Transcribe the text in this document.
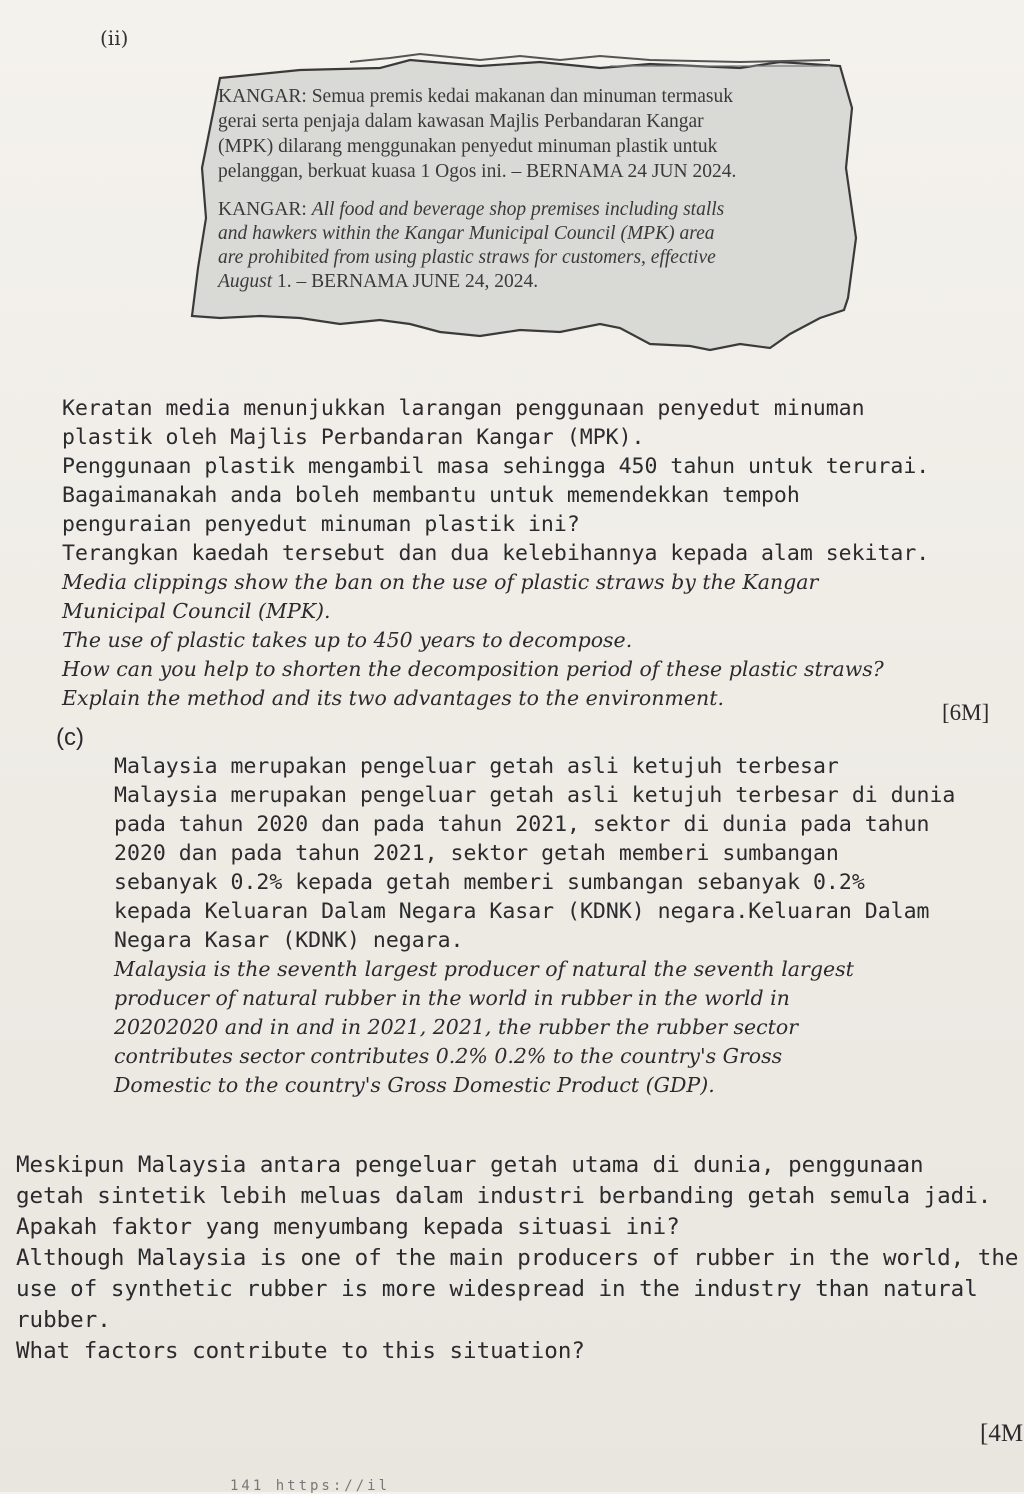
(ii)
KANGAR: Semua premis kedai makanan dan minuman termasuk
gerai serta penjaja dalam kawasan Majlis Perbandaran Kangar
(MPK) dilarang menggunakan penyedut minuman plastik untuk
pelanggan, berkuat kuasa 1 Ogos ini. – BERNAMA 24 JUN 2024.
KANGAR: All food and beverage shop premises including stalls
and hawkers within the Kangar Municipal Council (MPK) area
are prohibited from using plastic straws for customers, effective
August 1. – BERNAMA JUNE 24, 2024.
Keratan media menunjukkan larangan penggunaan penyedut minuman
plastik oleh Majlis Perbandaran Kangar (MPK).
Penggunaan plastik mengambil masa sehingga 450 tahun untuk terurai.
Bagaimanakah anda boleh membantu untuk memendekkan tempoh
penguraian penyedut minuman plastik ini?
Terangkan kaedah tersebut dan dua kelebihannya kepada alam sekitar.
Media clippings show the ban on the use of plastic straws by the Kangar
Municipal Council (MPK).
The use of plastic takes up to 450 years to decompose.
How can you help to shorten the decomposition period of these plastic straws?
Explain the method and its two advantages to the environment.
[6M]
(c)
Malaysia merupakan pengeluar getah asli ketujuh terbesar
Malaysia merupakan pengeluar getah asli ketujuh terbesar di dunia
pada tahun 2020 dan pada tahun 2021, sektor di dunia pada tahun
2020 dan pada tahun 2021, sektor getah memberi sumbangan
sebanyak 0.2% kepada getah memberi sumbangan sebanyak 0.2%
kepada Keluaran Dalam Negara Kasar (KDNK) negara.Keluaran Dalam
Negara Kasar (KDNK) negara.
Malaysia is the seventh largest producer of natural the seventh largest
producer of natural rubber in the world in rubber in the world in
20202020 and in and in 2021, 2021, the rubber the rubber sector
contributes sector contributes 0.2% 0.2% to the country's Gross
Domestic to the country's Gross Domestic Product (GDP).
Meskipun Malaysia antara pengeluar getah utama di dunia, penggunaan
getah sintetik lebih meluas dalam industri berbanding getah semula jadi.
Apakah faktor yang menyumbang kepada situasi ini?
Although Malaysia is one of the main producers of rubber in the world, the
use of synthetic rubber is more widespread in the industry than natural
rubber.
What factors contribute to this situation?
[4M
141 https://il
